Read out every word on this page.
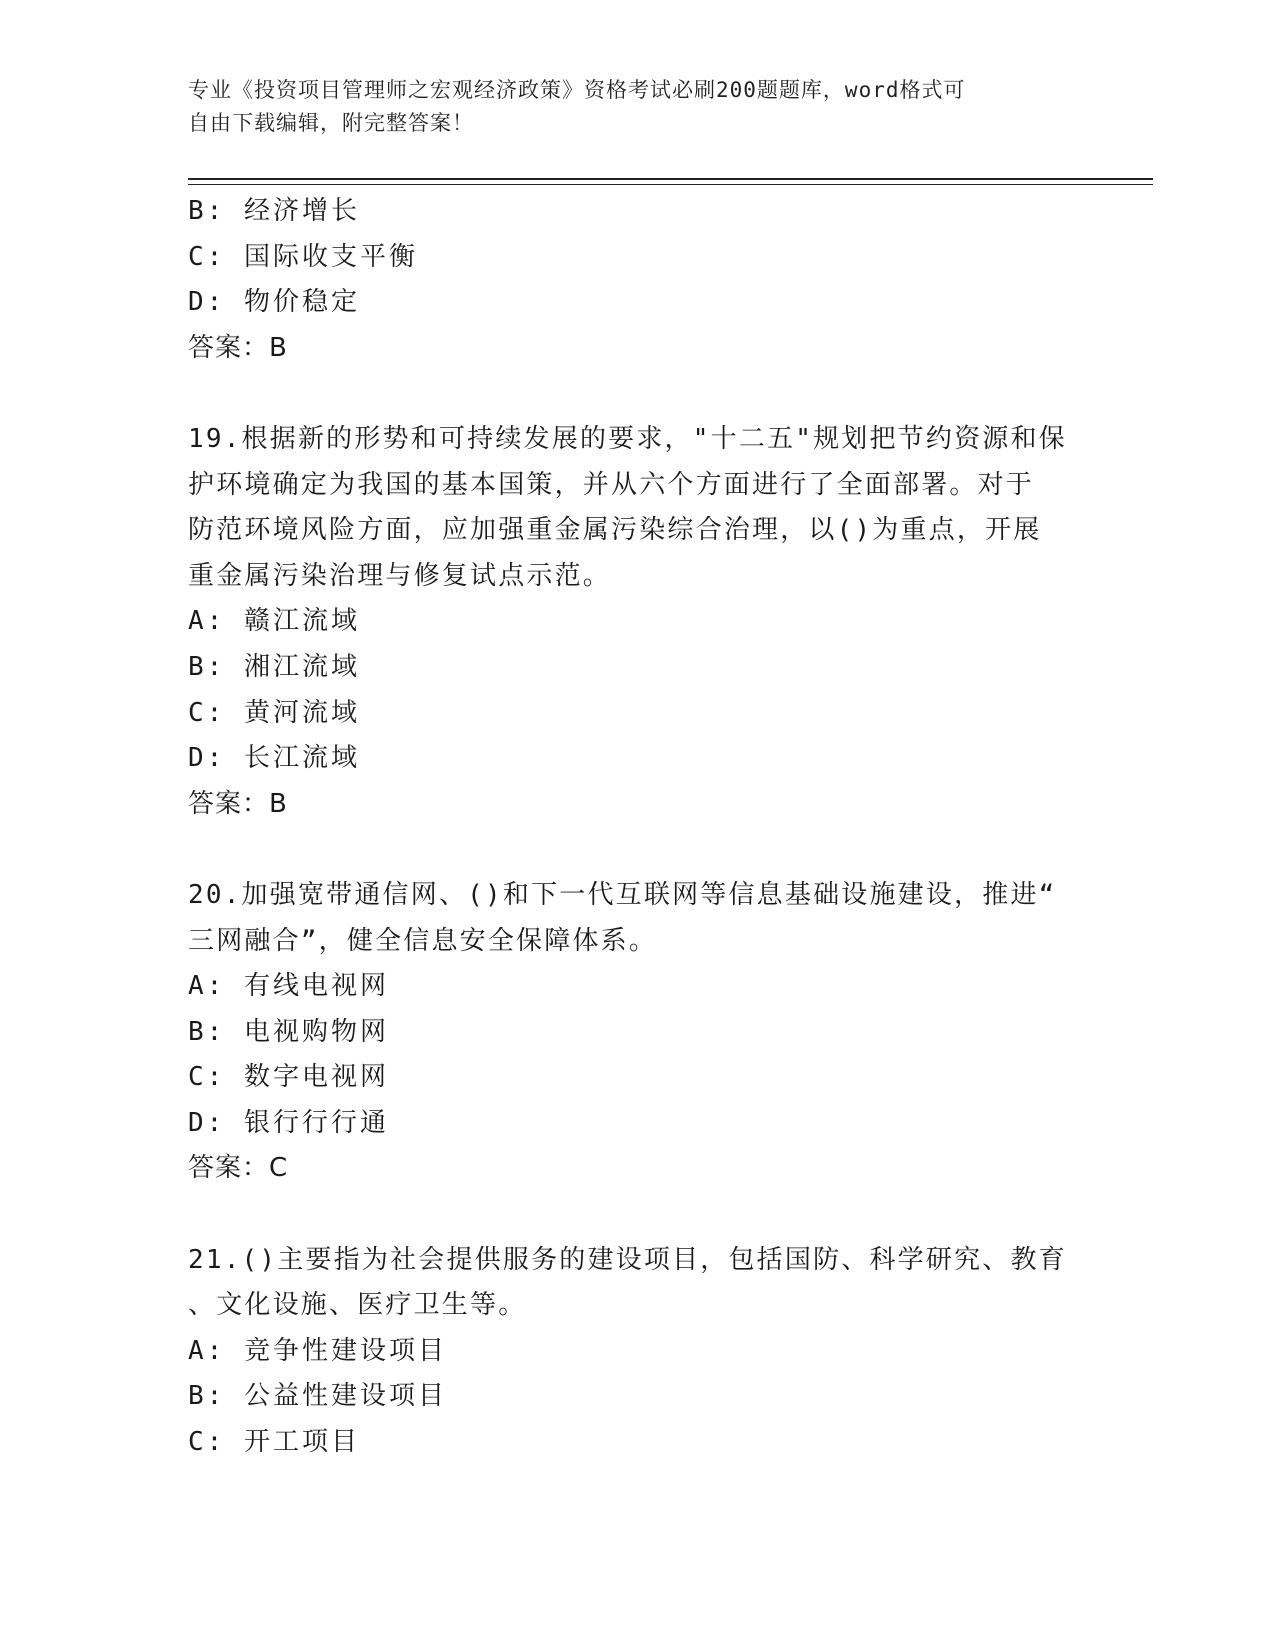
专业《投资项目管理师之宏观经济政策》资格考试必刷200题题库，word格式可
自由下载编辑，附完整答案！
B: 经济增长
C: 国际收支平衡
D: 物价稳定
答案：B
19.根据新的形势和可持续发展的要求，"十二五"规划把节约资源和保
护环境确定为我国的基本国策，并从六个方面进行了全面部署。对于
防范环境风险方面，应加强重金属污染综合治理，以()为重点，开展
重金属污染治理与修复试点示范。
A: 赣江流域
B: 湘江流域
C: 黄河流域
D: 长江流域
答案：B
20.加强宽带通信网、()和下一代互联网等信息基础设施建设，推进“
三网融合”，健全信息安全保障体系。
A: 有线电视网
B: 电视购物网
C: 数字电视网
D: 银行行行通
答案：C
21.()主要指为社会提供服务的建设项目，包括国防、科学研究、教育
、文化设施、医疗卫生等。
A: 竞争性建设项目
B: 公益性建设项目
C: 开工项目
